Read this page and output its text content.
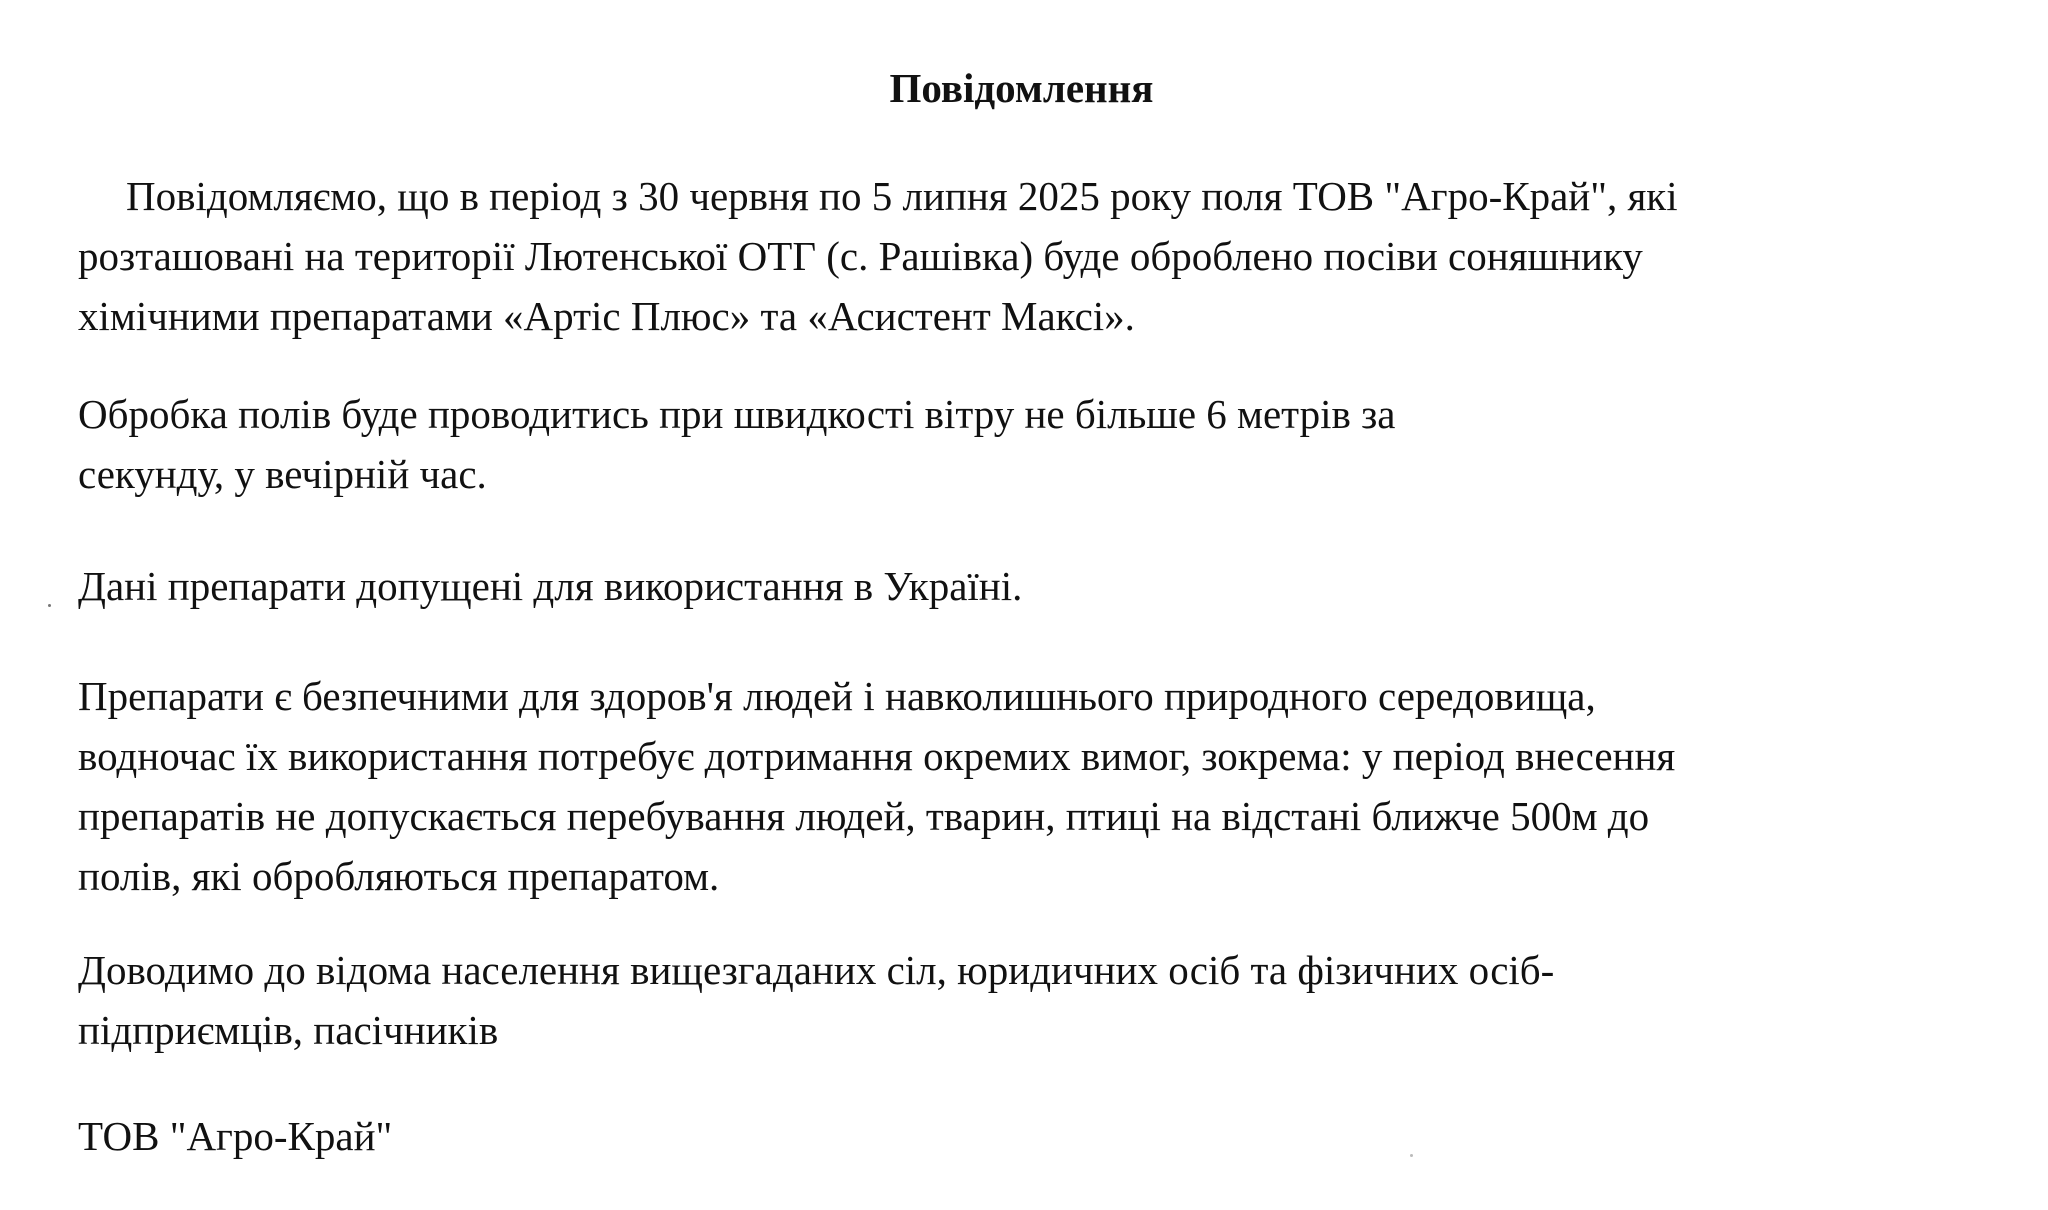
Повідомлення
Повідомляємо, що в період з 30 червня по 5 липня 2025 року поля ТОВ "Агро-Край", які
розташовані на території Лютенської ОТГ (с. Рашівка) буде оброблено посіви соняшнику
хімічними препаратами «Артіс Плюс» та «Асистент Максі».
Обробка полів буде проводитись при швидкості вітру не більше 6 метрів за
секунду, у вечірній час.
Дані препарати допущені для використання в Україні.
Препарати є безпечними для здоров'я людей і навколишнього природного середовища,
водночас їх використання потребує дотримання окремих вимог, зокрема: у період внесення
препаратів не допускається перебування людей, тварин, птиці на відстані ближче 500м до
полів, які обробляються препаратом.
Доводимо до відома населення вищезгаданих сіл, юридичних осіб та фізичних осіб-
підприємців, пасічників
ТОВ "Агро-Край"
